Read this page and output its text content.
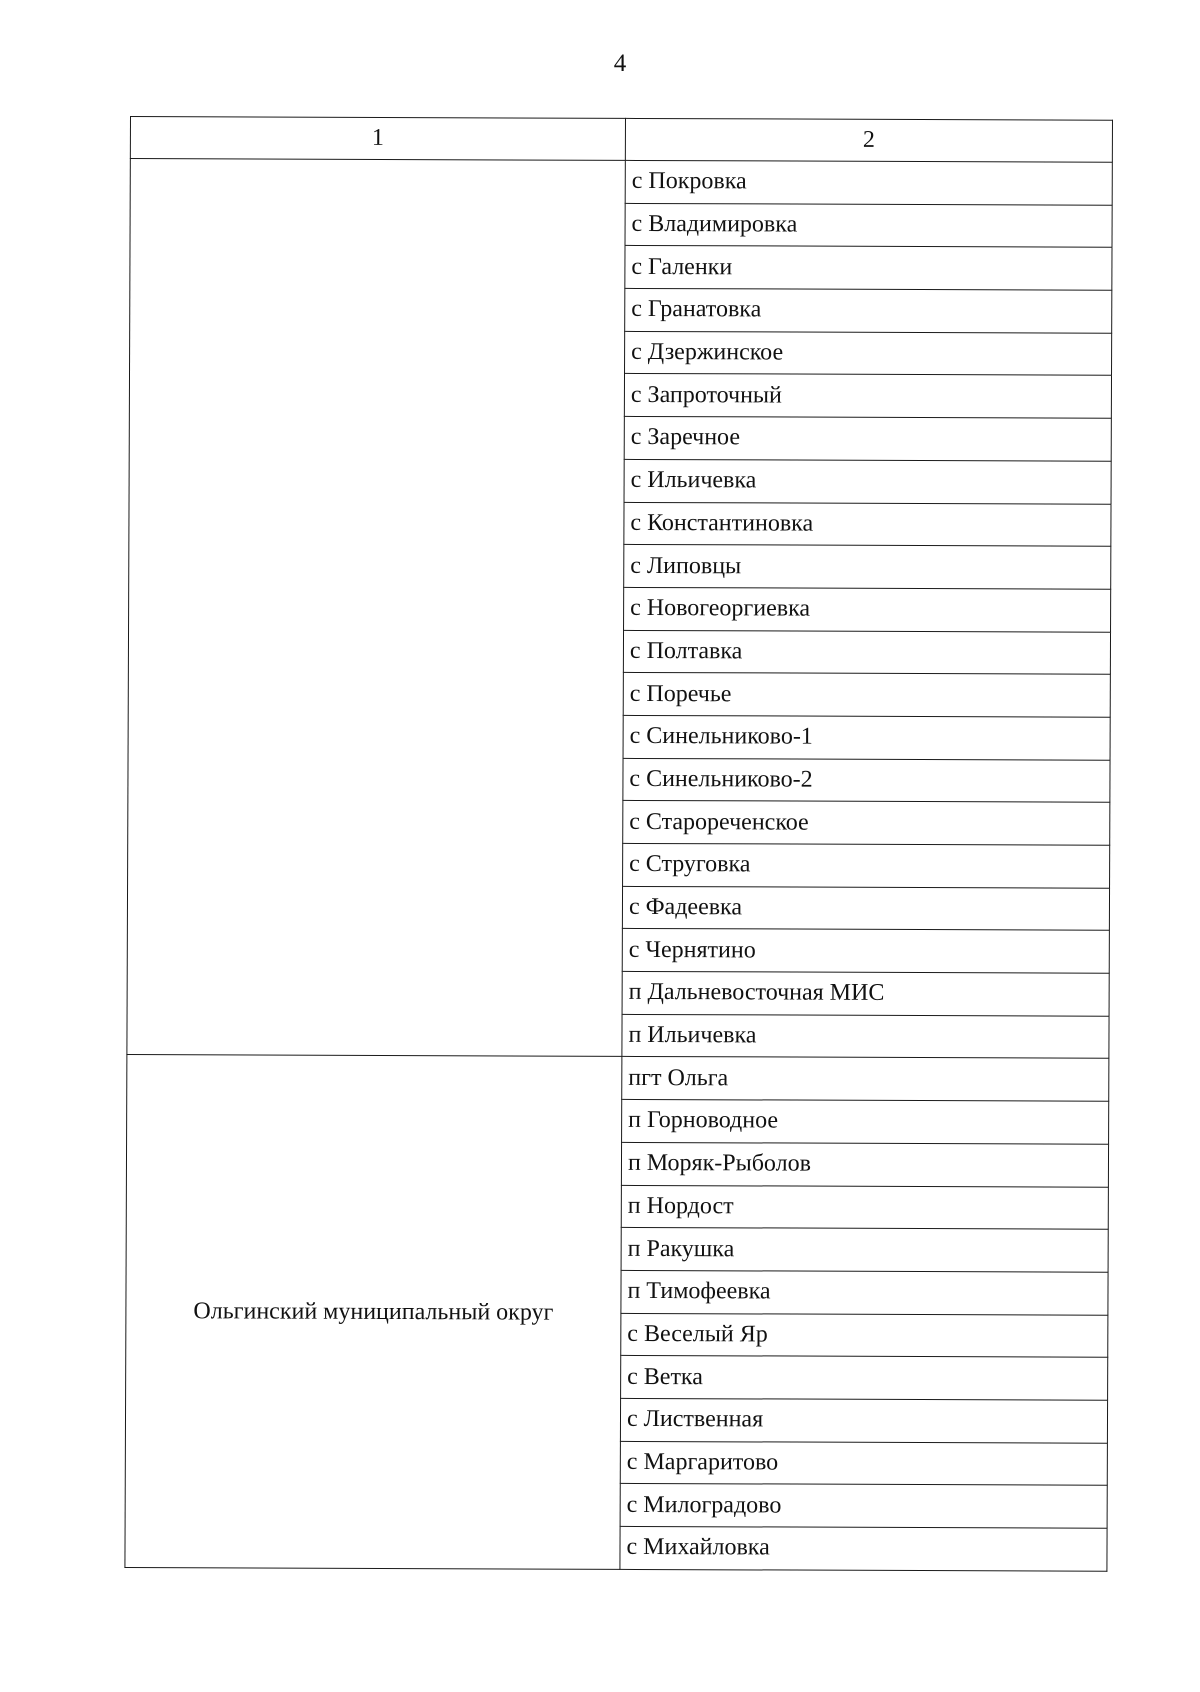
4
1	2
	с Покровка
	с Владимировка
	с Галенки
	с Гранатовка
	с Дзержинское
	с Запроточный
	с Заречное
	с Ильичевка
	с Константиновка
	с Липовцы
	с Новогеоргиевка
	с Полтавка
	с Поречье
	с Синельниково-1
	с Синельниково-2
	с Старореченское
	с Струговка
	с Фадеевка
	с Чернятино
	п Дальневосточная МИС
	п Ильичевка
Ольгинский муниципальный округ	пгт Ольга
	п Горноводное
	п Моряк-Рыболов
	п Нордост
	п Ракушка
	п Тимофеевка
	с Веселый Яр
	с Ветка
	с Лиственная
	с Маргаритово
	с Милоградово
	с Михайловка
